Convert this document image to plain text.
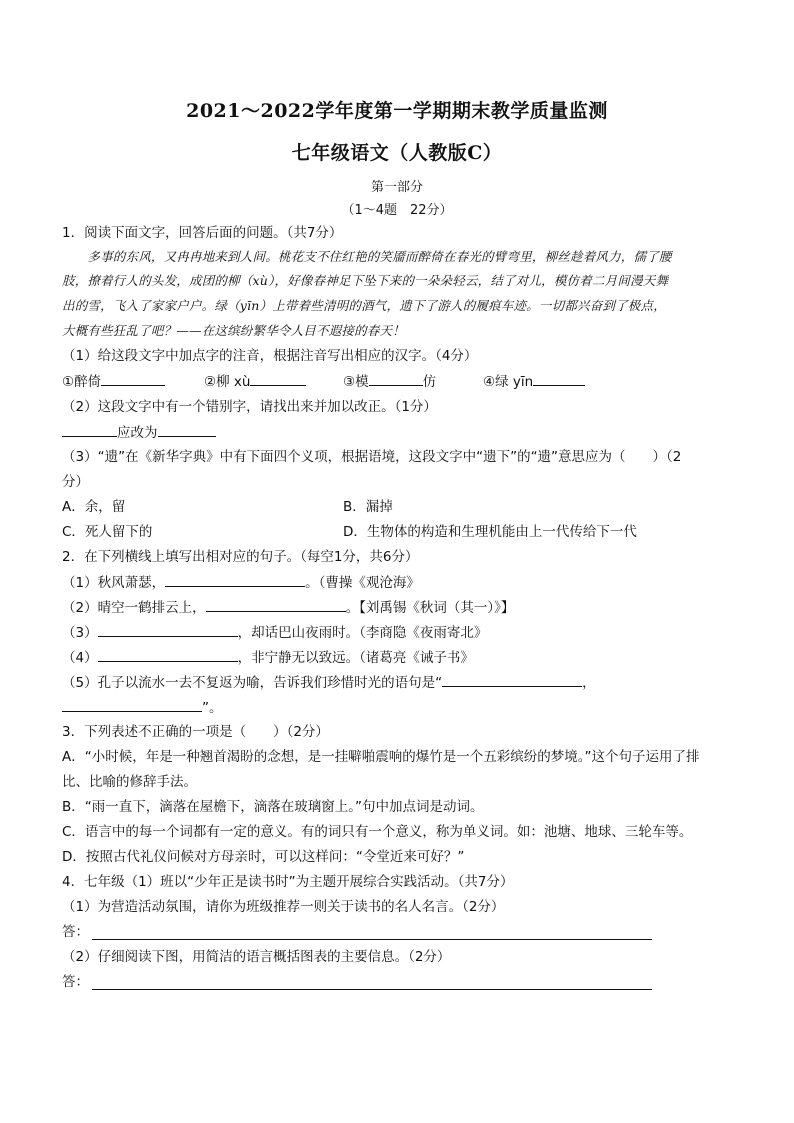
2021～2022学年度第一学期期末教学质量监测
七年级语文（人教版C）
第一部分
（1～4题　22分）
1．阅读下面文字，回答后面的问题。（共7分）
　　多事的东风，又冉冉地来到人间。桃花支不住红艳的笑靥而醉倚在春光的臂弯里，柳丝趁着风力，儒了腰
肢，撩着行人的头发，成团的柳（xù），好像春神足下坠下来的一朵朵轻云，结了对儿，模仿着二月间漫天舞
出的雪，飞入了家家户户。绿（yīn）上带着些清明的酒气，遗下了游人的履痕车迹。一切都兴奋到了极点，
大概有些狂乱了吧？——在这缤纷繁华令人目不遐接的春天！
（1）给这段文字中加点字的注音，根据注音写出相应的汉字。（4分）
①醉倚	②柳 xù	③模	仿	④绿 yīn
（2）这段文字中有一个错别字，请找出来并加以改正。（1分）
应改为
（3）“遗”在《新华字典》中有下面四个义项，根据语境，这段文字中“遗下”的“遗”意思应为（　　）（2
分）
A．余，留	B．漏掉
C．死人留下的	D．生物体的构造和生理机能由上一代传给下一代
2．在下列横线上填写出相对应的句子。（每空1分，共6分）
（1）秋风萧瑟，	。（曹操《观沧海》
（2）晴空一鹤排云上，	。【刘禹锡《秋词（其一）》】
（3）	，却话巴山夜雨时。（李商隐《夜雨寄北》
（4）	，非宁静无以致远。（诸葛亮《诫子书》
（5）孔子以流水一去不复返为喻，告诉我们珍惜时光的语句是“	，
”。
3．下列表述不正确的一项是（　　）（2分）
A．“小时候，年是一种翘首渴盼的念想，是一挂噼啪震响的爆竹是一个五彩缤纷的梦境。”这个句子运用了排
比、比喻的修辞手法。
B．“雨一直下，滴落在屋檐下，滴落在玻璃窗上。”句中加点词是动词。
C．语言中的每一个词都有一定的意义。有的词只有一个意义，称为单义词。如：池塘、地球、三轮车等。
D．按照古代礼仪问候对方母亲时，可以这样问：“令堂近来可好？”
4．七年级（1）班以“少年正是读书时”为主题开展综合实践活动。（共7分）
（1）为营造活动氛围，请你为班级推荐一则关于读书的名人名言。（2分）
答：
（2）仔细阅读下图，用简洁的语言概括图表的主要信息。（2分）
答：
